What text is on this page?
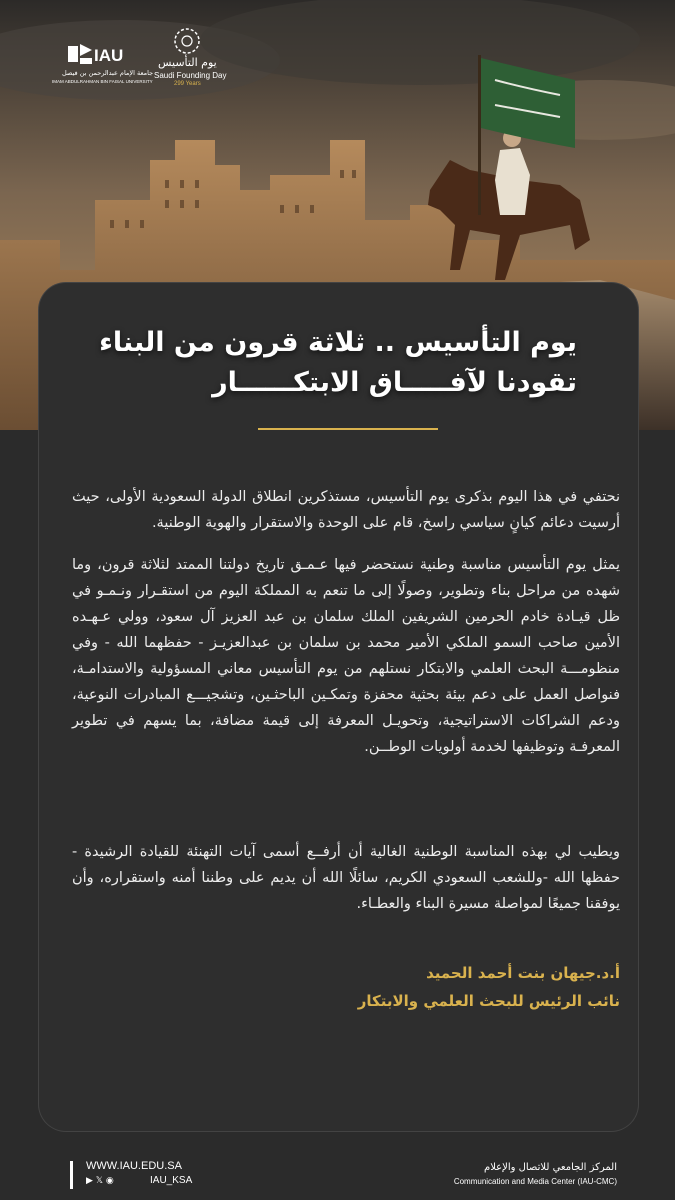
IAU
جامعة الإمام عبدالرحمن بن فيصل
IMAM ABDULRAHMAN BIN FAISAL UNIVERSITY
يوم التأسيس
Saudi Founding Day
299 Years
يوم التأسيس .. ثلاثة قرون من البناء
تقودنا لآفـــــاق الابتكــــــار

نحتفي في هذا اليوم بذكرى يوم التأسيس، مستذكرين انطلاق الدولة السعودية الأولى، حيث أرسيت دعائم كيانٍ سياسي راسخ، قام على الوحدة والاستقرار والهوية الوطنية.

يمثل يوم التأسيس مناسبة وطنية نستحضر فيها عـمـق تاريخ دولتنا الممتد لثلاثة قرون، وما شهده من مراحل بناء وتطوير، وصولًا إلى ما تنعم به المملكة اليوم من استقـرار ونـمـو في ظل قيـادة خادم الحرمين الشريفين الملك سلمان بن عبد العزيز آل سعود، وولي عـهـده الأمين صاحب السمو الملكي الأمير محمد بن سلمان بن عبدالعزيـز - حفظهما الله - وفي منظومـــة البحث العلمي والابتكار نستلهم من يوم التأسيس معاني المسؤولية والاستدامـة، فنواصل العمل على دعم بيئة بحثية محفزة وتمكـين الباحثـين، وتشجيـــع المبادرات النوعية، ودعم الشراكات الاستراتيجية، وتحويـل المعرفة إلى قيمة مضافة، بما يسهم في تطوير المعرفـة وتوظيفها لخدمة أولويات الوطــن.

ويطيب لي بهذه المناسبة الوطنية الغالية أن أرفــع أسمى آيات التهنئة للقيادة الرشيدة - حفظها الله -وللشعب السعودي الكريم، سائلًا الله أن يديم على وطننا أمنه واستقراره، وأن يوفقنا جميعًا لمواصلة مسيرة البناء والعطـاء.

أ.د.جيهان بنت أحمد الحميد
نائب الرئيس للبحث العلمي والابتكار
WWW.IAU.EDU.SA
▶ 𝕏 ◉	IAU_KSA
المركز الجامعي للاتصال والإعلام
Communication and Media Center (IAU-CMC)
